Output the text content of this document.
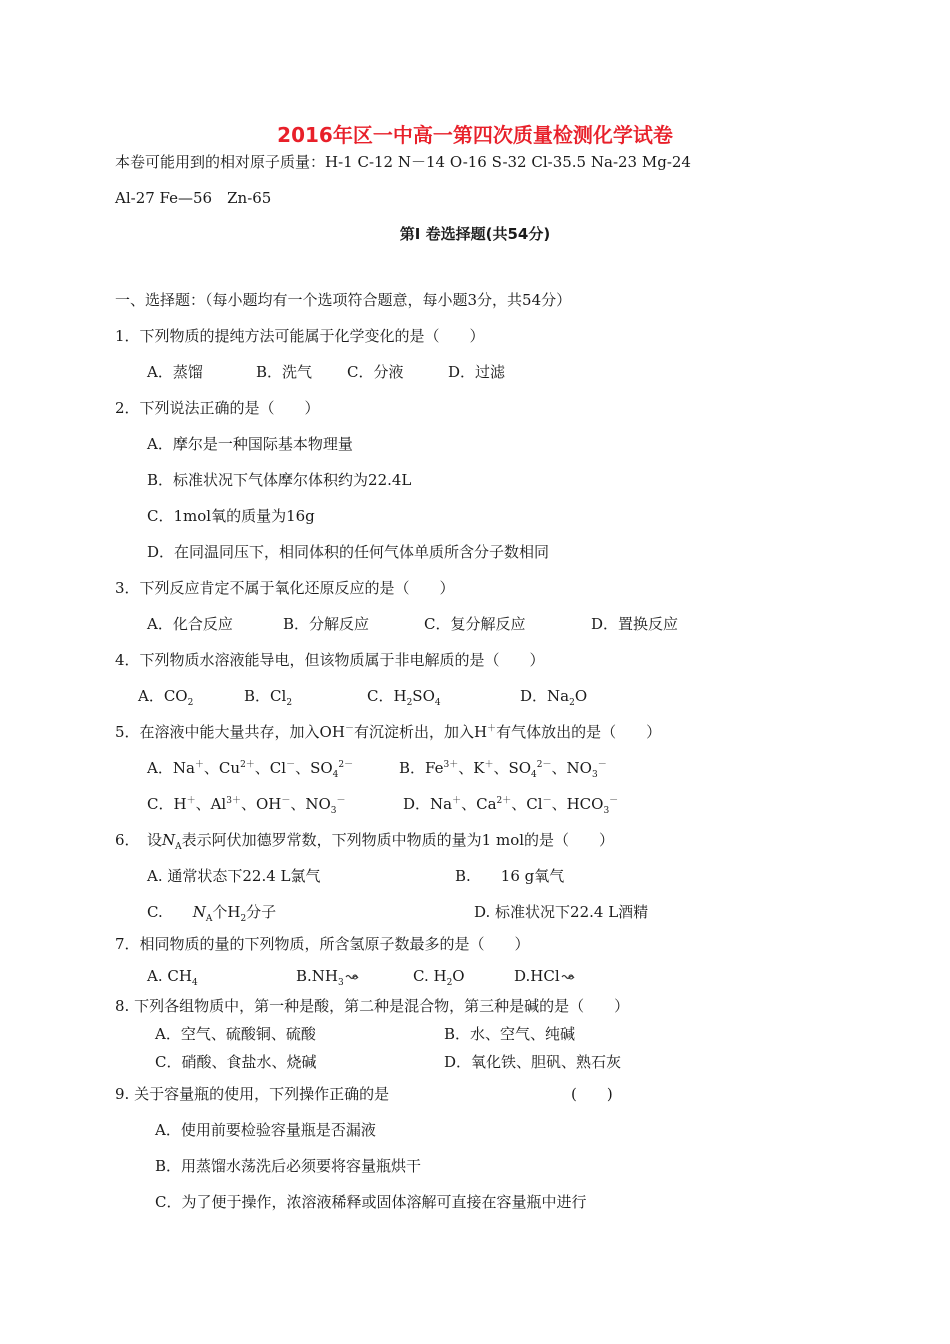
2016年区一中高一第四次质量检测化学试卷
本卷可能用到的相对原子质量：H-1 C-12 N－14 O-16 S-32 Cl-35.5 Na-23 Mg-24
Al-27 Fe—56　Zn-65
第Ⅰ 卷选择题(共54分)
一、选择题：（每小题均有一个选项符合题意，每小题3分，共54分）
1．下列物质的提纯方法可能属于化学变化的是（　　）
A．蒸馏	B．洗气 C．分液	D．过滤
2．下列说法正确的是（　　）
A．摩尔是一种国际基本物理量
B．标准状况下气体摩尔体积约为22.4L
C．1mol氧的质量为16g
D．在同温同压下，相同体积的任何气体单质所含分子数相同
3．下列反应肯定不属于氧化还原反应的是（　　）
A．化合反应	B．分解反应	C．复分解反应	D．置换反应
4．下列物质水溶液能导电，但该物质属于非电解质的是（　　）
A．$CO_2$	B．$Cl_2$	C．$H_2SO_4$	D．$Na_2O$
5．在溶液中能大量共存，加入OH－有沉淀析出，加入H＋有气体放出的是（　　）
A．Na＋、$Cu^{2+}$、Cl－、$SO_4^{2-}$	B．$Fe^{3+}$、K＋、$SO_4^{2-}$、$NO_3^-$
C．H＋、$Al^{3+}$、OH－、$NO_3^-$	D．Na＋、$Ca^{2+}$、Cl－、$HCO_3^-$
6．　设$N_A$表示阿伏加德罗常数，下列物质中物质的量为1 mol的是（　　）
A. 通常状态下22.4 L氯气	B.　　16 g氧气
C.　　$N_A$个$H_2$分子	D. 标准状况下22.4 L酒精
7．相同物质的量的下列物质，所含氢原子数最多的是（　　）
A. $CH_4$	$B.NH_3$	C. $H_2O$	D.HCl
8. 下列各组物质中，第一种是酸，第二种是混合物，第三种是碱的是（　　）
A．空气、硫酸铜、硫酸	B．水、空气、纯碱
C．硝酸、食盐水、烧碱	D．氧化铁、胆矾、熟石灰
9. 关于容量瓶的使用，下列操作正确的是	(　　)
A．使用前要检验容量瓶是否漏液
B．用蒸馏水荡洗后必须要将容量瓶烘干
C．为了便于操作，浓溶液稀释或固体溶解可直接在容量瓶中进行
